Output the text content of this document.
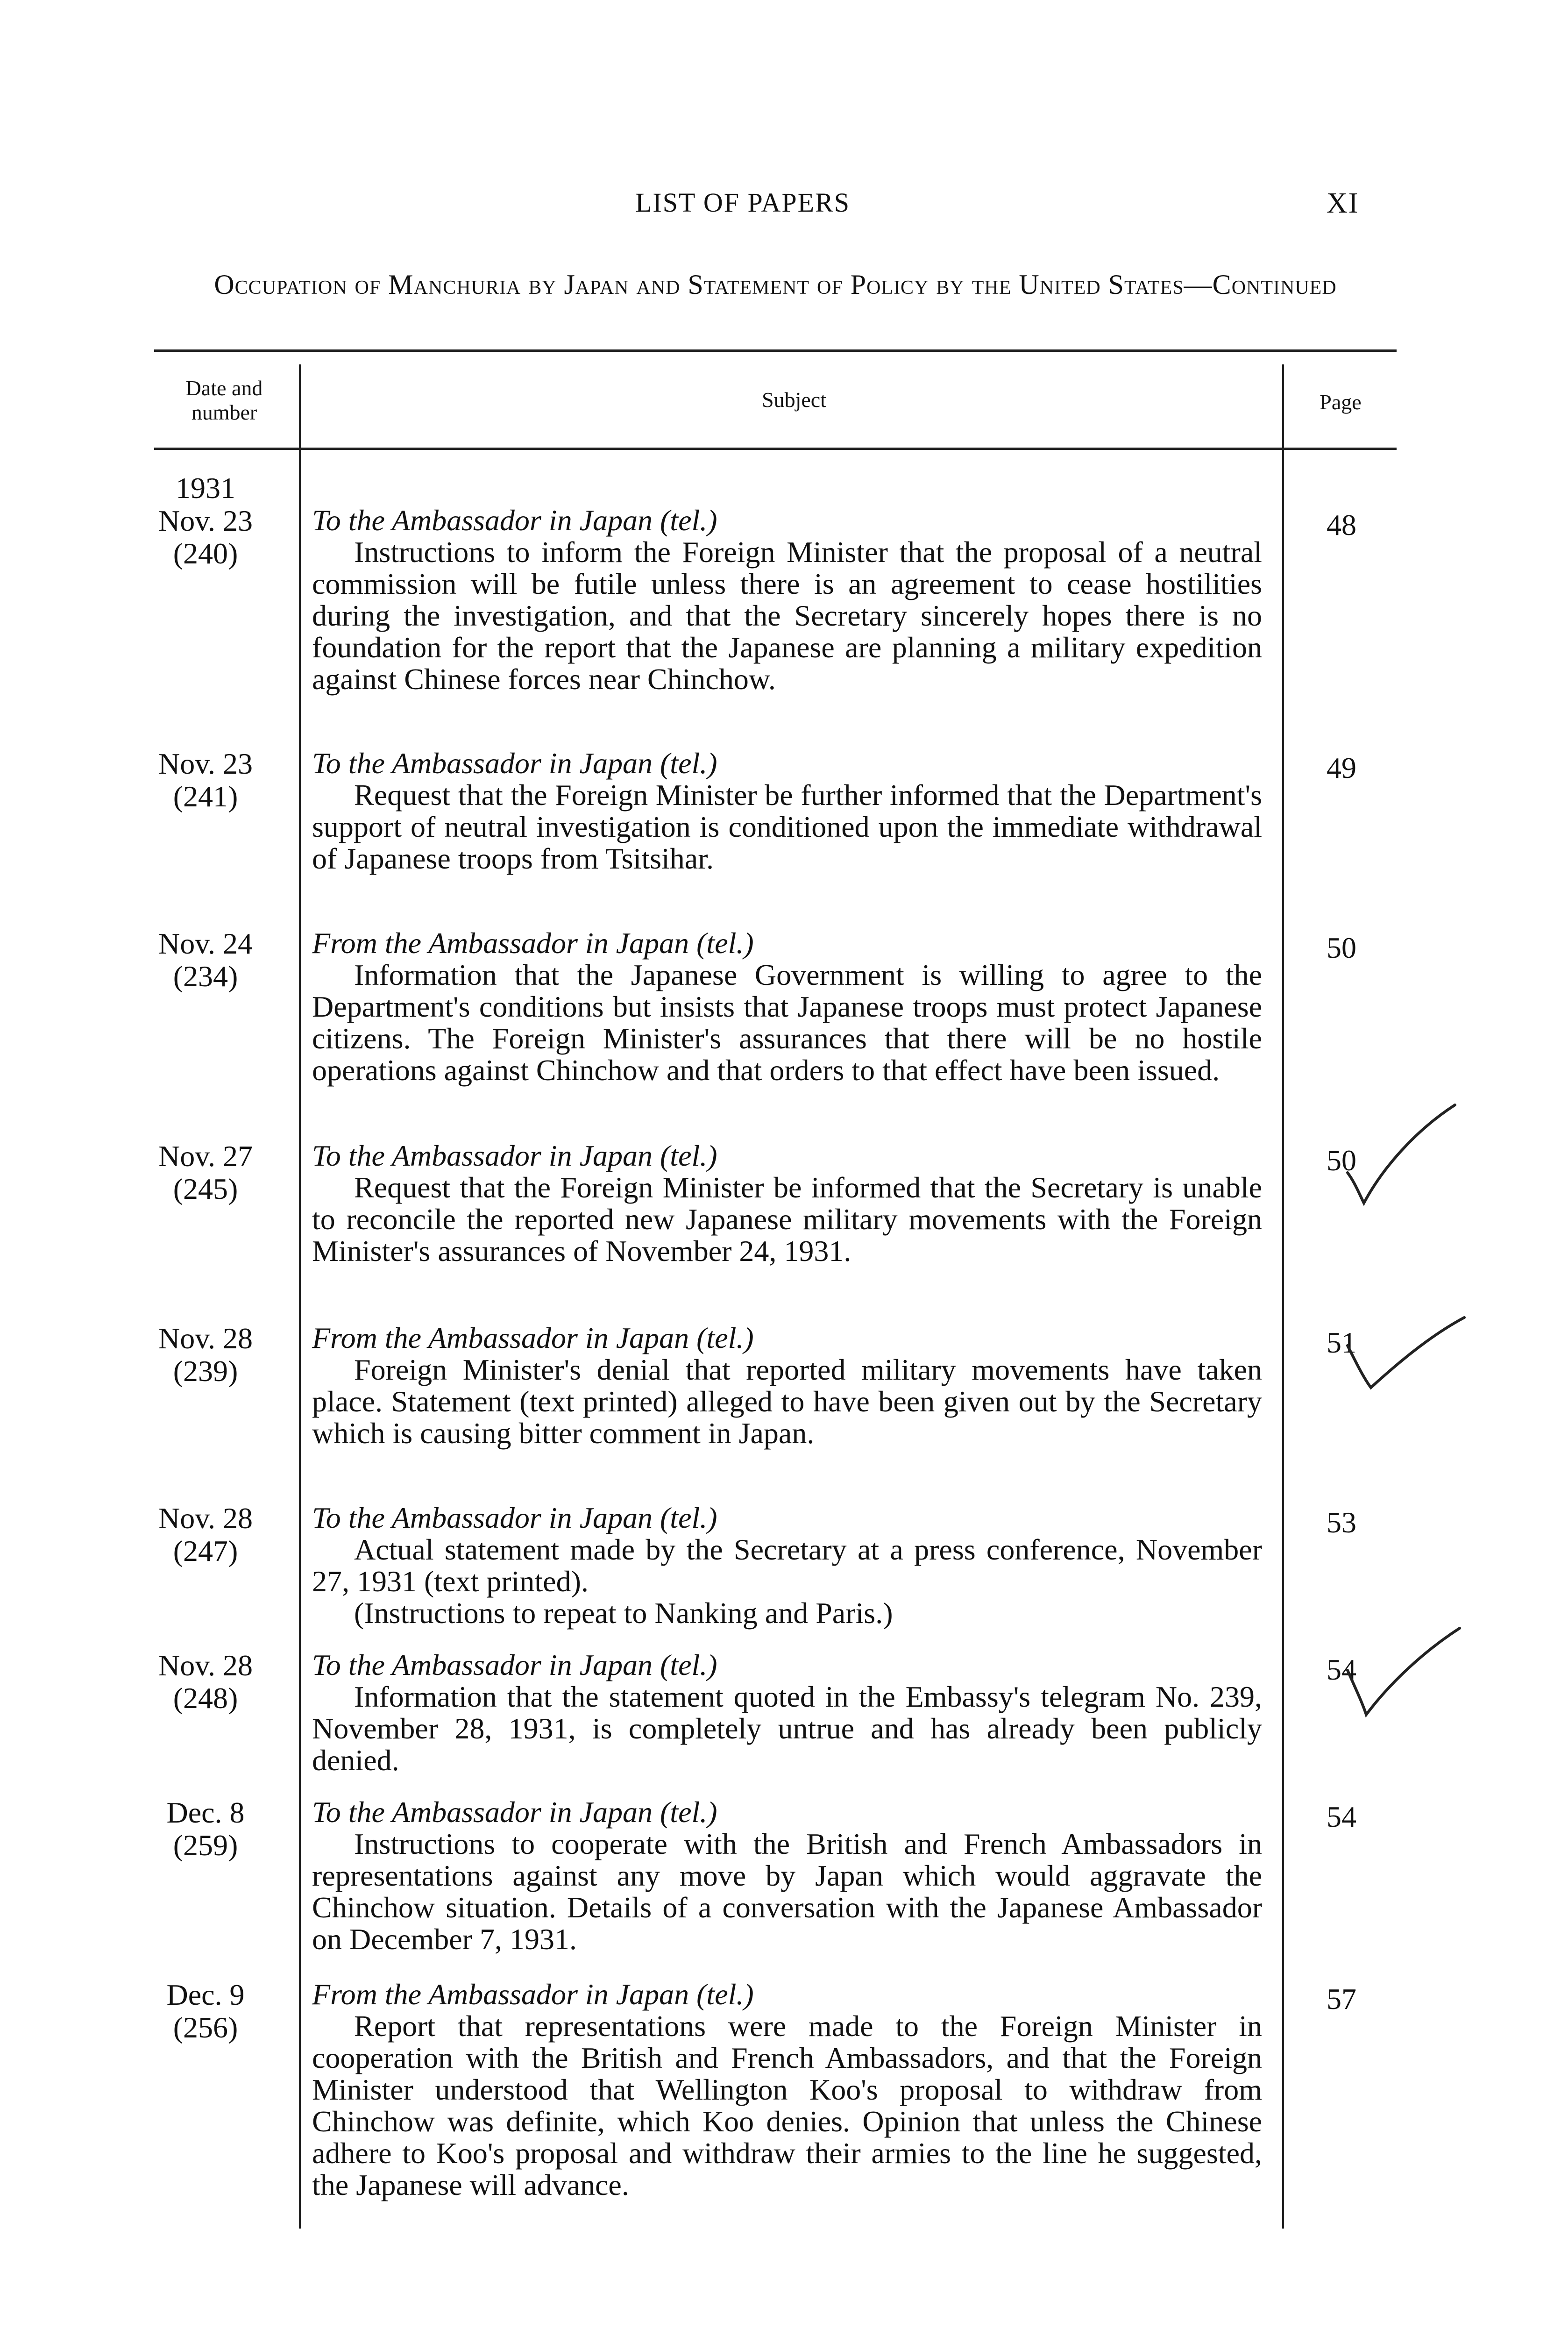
LIST OF PAPERS	XI
Occupation of Manchuria by Japan and Statement of Policy by the United States—Continued
Date and number
Subject	Page
1931
Nov. 23
(240)
To the Ambassador in Japan (tel.)
Instructions to inform the Foreign Minister that the proposal of a neutral commission will be futile unless there is an agreement to cease hostilities during the investigation, and that the Secretary sincerely hopes there is no foundation for the report that the Japanese are planning a military expedition against Chinese forces near Chinchow.
48
Nov. 23
(241)
To the Ambassador in Japan (tel.)
Request that the Foreign Minister be further informed that the Department's support of neutral investigation is conditioned upon the immediate withdrawal of Japanese troops from Tsitsihar.
49
Nov. 24
(234)
From the Ambassador in Japan (tel.)
Information that the Japanese Government is willing to agree to the Department's conditions but insists that Japanese troops must protect Japanese citizens. The Foreign Minister's assurances that there will be no hostile operations against Chinchow and that orders to that effect have been issued.
50
Nov. 27
(245)
To the Ambassador in Japan (tel.)
Request that the Foreign Minister be informed that the Secretary is unable to reconcile the reported new Japanese military movements with the Foreign Minister's assurances of November 24, 1931.
50
Nov. 28
(239)
From the Ambassador in Japan (tel.)
Foreign Minister's denial that reported military movements have taken place. Statement (text printed) alleged to have been given out by the Secretary which is causing bitter comment in Japan.
51
Nov. 28
(247)
To the Ambassador in Japan (tel.)
Actual statement made by the Secretary at a press conference, November 27, 1931 (text printed).
(Instructions to repeat to Nanking and Paris.)
53
Nov. 28
(248)
To the Ambassador in Japan (tel.)
Information that the statement quoted in the Embassy's telegram No. 239, November 28, 1931, is completely untrue and has already been publicly denied.
54
Dec. 8
(259)
To the Ambassador in Japan (tel.)
Instructions to cooperate with the British and French Ambassadors in representations against any move by Japan which would aggravate the Chinchow situation. Details of a conversation with the Japanese Ambassador on December 7, 1931.
54
Dec. 9
(256)
From the Ambassador in Japan (tel.)
Report that representations were made to the Foreign Minister in cooperation with the British and French Ambassadors, and that the Foreign Minister understood that Wellington Koo's proposal to withdraw from Chinchow was definite, which Koo denies. Opinion that unless the Chinese adhere to Koo's proposal and withdraw their armies to the line he suggested, the Japanese will advance.
57
